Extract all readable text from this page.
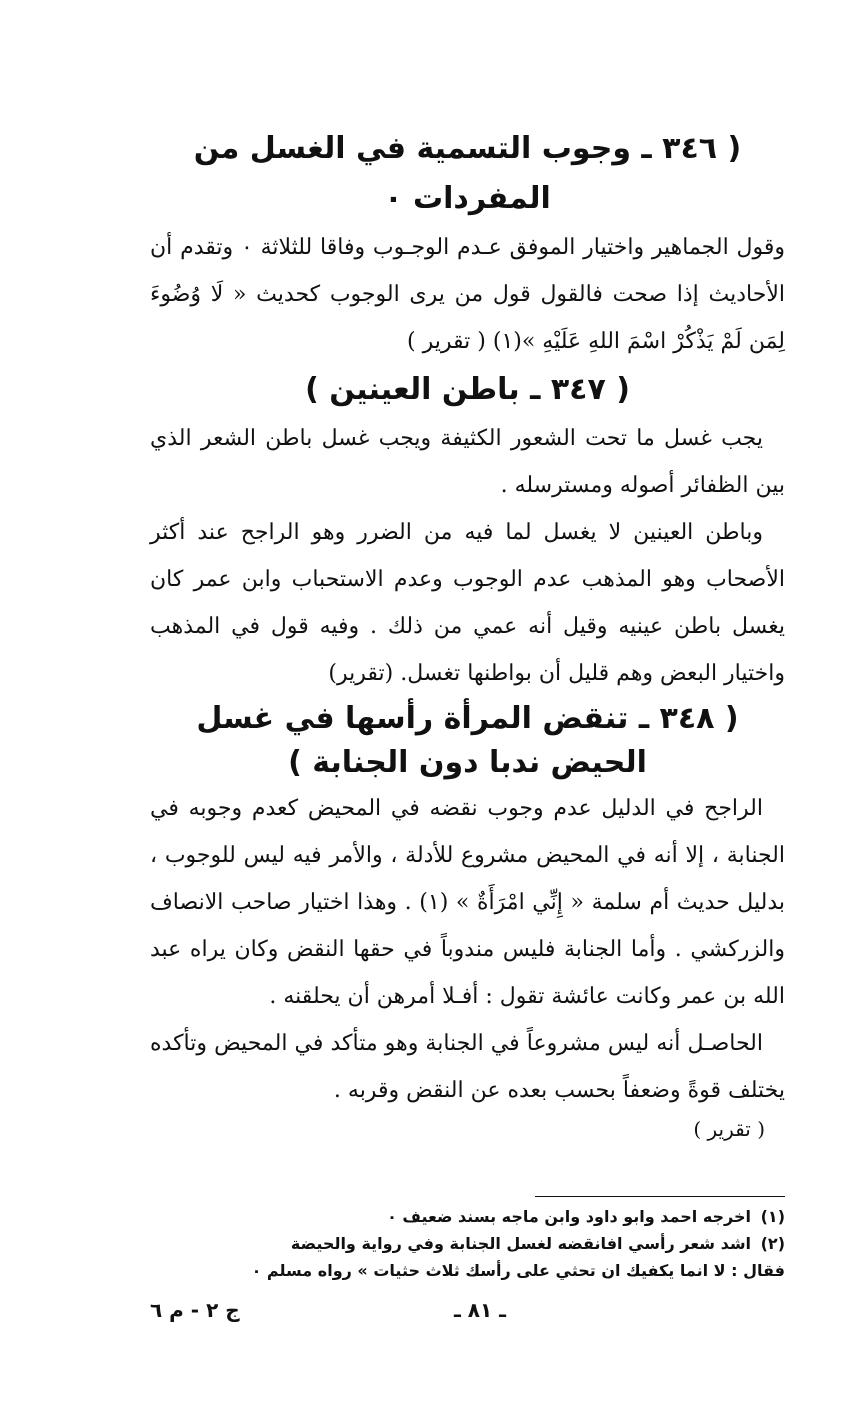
( ٣٤٦ ـ وجوب التسمية في الغسل من المفردات ٠

وقول الجماهير واختيار الموفق عـدم الوجـوب وفاقا للثلاثة ٠ وتقدم أن الأحاديث إذا صحت فالقول قول من يرى الوجوب كحديث « لَا وُضُوءَ لِمَن لَمْ يَذْكُرْ اسْمَ اللهِ عَلَيْهِ »(١) ( تقرير )

( ٣٤٧ ـ باطن العينين )

يجب غسل ما تحت الشعور الكثيفة ويجب غسل باطن الشعر الذي بين الظفائر أصوله ومسترسله .

وباطن العينين لا يغسل لما فيه من الضرر وهو الراجح عند أكثر الأصحاب وهو المذهب عدم الوجوب وعدم الاستحباب وابن عمر كان يغسل باطن عينيه وقيل أنه عمي من ذلك . وفيه قول في المذهب واختيار البعض وهم قليل أن بواطنها تغسل. (تقرير)

( ٣٤٨ ـ تنقض المرأة رأسها في غسل الحيض ندبا دون الجنابة )

الراجح في الدليل عدم وجوب نقضه في المحيض كعدم وجوبه في الجنابة ، إلا أنه في المحيض مشروع للأدلة ، والأمر فيه ليس للوجوب ، بدليل حديث أم سلمة « إِنِّي امْرَأَةٌ » (١) . وهذا اختيار صاحب الانصاف والزركشي . وأما الجنابة فليس مندوباً في حقها النقض وكان يراه عبد الله بن عمر وكانت عائشة تقول : أفـلا أمرهن أن يحلقنه .

الحاصـل أنه ليس مشروعاً في الجنابة وهو متأكد في المحيض وتأكده يختلف قوةً وضعفاً بحسب بعده عن النقض وقربه .

( تقرير )

(١) اخرجه احمد وابو داود وابن ماجه بسند ضعيف ٠

(٢) اشد شعر رأسي افانقضه لغسل الجنابة وفي رواية والحيضة

فقال : لا انما يكفيك ان تحثي على رأسك ثلاث حثيات » رواه مسلم ٠

ـ ٨١ ـ
ج ٢ - م ٦
